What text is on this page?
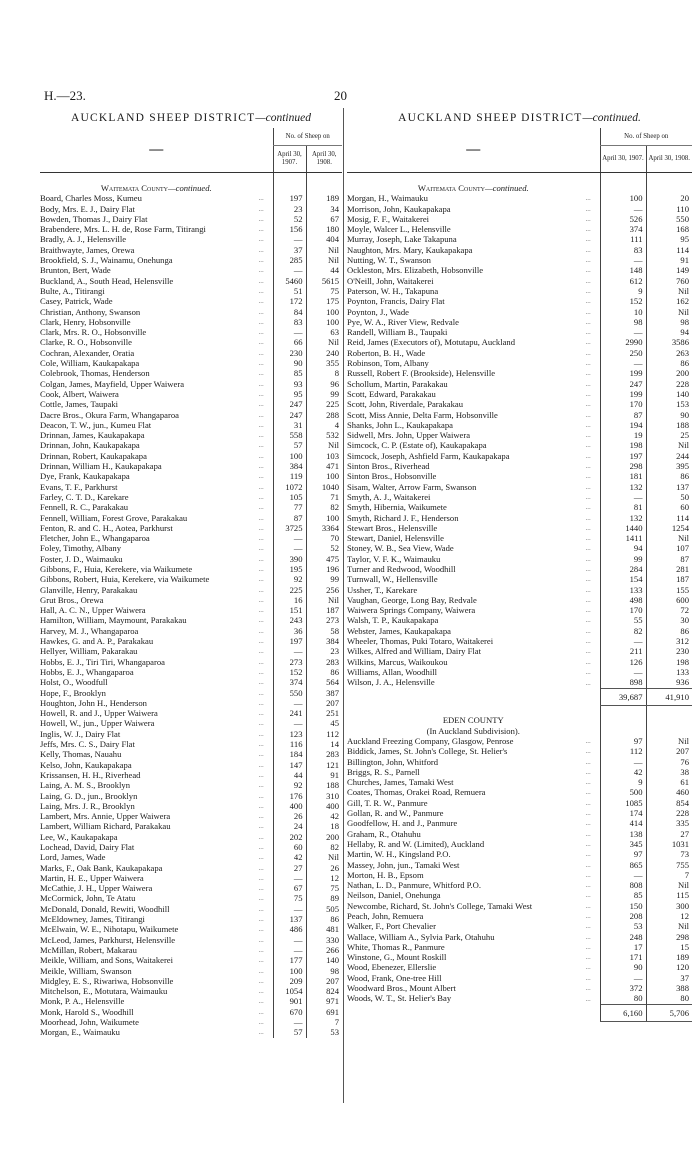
H.—23.	20
AUCKLAND SHEEP DISTRICT—continued
—	No. of Sheep on	
	April 30, 1907.	April 30, 1908.
Waitemata County—continued.		
Board, Charles Moss, Kumeu ...	197	189
Body, Mrs. E. J., Dairy Flat ...	23	34
Bowden, Thomas J., Dairy Flat ...	52	67
Brabendere, Mrs. L. H. de, Rose Farm, Titirangi ...	156	180
Bradly, A. J., Helensville ...	—	404
Braithwayte, James, Orewa ...	37	Nil
Brookfield, S. J., Wainamu, Onehunga ...	285	Nil
Brunton, Bert, Wade ...	—	44
Buckland, A., South Head, Helensville ...	5460	5615
Bulte, A., Titirangi ...	51	75
Casey, Patrick, Wade ...	172	175
Christian, Anthony, Swanson ...	84	100
Clark, Henry, Hobsonville ...	83	100
Clark, Mrs. R. O., Hobsonville ...	—	63
Clarke, R. O., Hobsonville ...	66	Nil
Cochran, Alexander, Oratia ...	230	240
Cole, William, Kaukapakapa ...	90	355
Colebrook, Thomas, Henderson ...	85	8
Colgan, James, Mayfield, Upper Waiwera ...	93	96
Cook, Albert, Waiwera ...	95	99
Cottle, James, Taupaki ...	247	225
Dacre Bros., Okura Farm, Whangaparoa ...	247	288
Deacon, T. W., jun., Kumeu Flat ...	31	4
Drinnan, James, Kaukapakapa ...	558	532
Drinnan, John, Kaukapakapa ...	57	Nil
Drinnan, Robert, Kaukapakapa ...	100	103
Drinnan, William H., Kaukapakapa ...	384	471
Dye, Frank, Kaukapakapa ...	119	100
Evans, T. F., Parkhurst ...	1072	1040
Farley, C. T. D., Karekare ...	105	71
Fennell, R. C., Parakakau ...	77	82
Fennell, William, Forest Grove, Parakakau ...	87	100
Fenton, R. and C. H., Aotea, Parkhurst ...	3725	3364
Fletcher, John E., Whangaparoa ...	—	70
Foley, Timothy, Albany ...	—	52
Foster, J. D., Waimauku ...	390	475
Gibbons, F., Huia, Kerekere, via Waikumete ...	195	196
Gibbons, Robert, Huia, Kerekere, via Waikumete ...	92	99
Glanville, Henry, Parakakau ...	225	256
Grut Bros., Orewa ...	16	Nil
Hall, A. C. N., Upper Waiwera ...	151	187
Hamilton, William, Maymount, Parakakau ...	243	273
Harvey, M. J., Whangaparoa ...	36	58
Hawkes, G. and A. P., Parakakau ...	197	384
Hellyer, William, Pakarakau ...	—	23
Hobbs, E. J., Tiri Tiri, Whangaparoa ...	273	283
Hobbs, E. J., Whangaparoa ...	152	86
Holst, O., Woodfull ...	374	564
Hope, F., Brooklyn ...	550	387
Houghton, John H., Henderson ...	—	207
Howell, R. and J., Upper Waiwera ...	241	251
Howell, W., jun., Upper Waiwera ...	—	45
Inglis, W. J., Dairy Flat ...	123	112
Jeffs, Mrs. C. S., Dairy Flat ...	116	14
Kelly, Thomas, Nauahu ...	184	283
Kelso, John, Kaukapakapa ...	147	121
Krissansen, H. H., Riverhead ...	44	91
Laing, A. M. S., Brooklyn ...	92	188
Laing, G. D., jun., Brooklyn ...	176	310
Laing, Mrs. J. R., Brooklyn ...	400	400
Lambert, Mrs. Annie, Upper Waiwera ...	26	42
Lambert, William Richard, Parakakau ...	24	18
Lee, W., Kaukapakapa ...	202	200
Lochead, David, Dairy Flat ...	60	82
Lord, James, Wade ...	42	Nil
Marks, F., Oak Bank, Kaukapakapa ...	27	26
Martin, H. E., Upper Waiwera ...	—	12
McCathie, J. H., Upper Waiwera ...	67	75
McCormick, John, Te Atatu ...	75	89
McDonald, Donald, Rewiti, Woodhill ...	—	505
McEldowney, James, Titirangi ...	137	86
McElwain, W. E., Nihotapu, Waikumete ...	486	481
McLeod, James, Parkhurst, Helensville ...	—	330
McMillan, Robert, Makarau ...	—	266
Meikle, William, and Sons, Waitakerei ...	177	140
Meikle, William, Swanson ...	100	98
Midgley, E. S., Riwariwa, Hobsonville ...	209	207
Mitchelson, E., Motutara, Waimauku ...	1054	824
Monk, P. A., Helensville ...	901	971
Monk, Harold S., Woodhill ...	670	691
Moorhead, John, Waikumete ...	—	7
Morgan, E., Waimauku ...	57	53
AUCKLAND SHEEP DISTRICT—continued.
—	No. of Sheep on	
	April 30, 1907.	April 30, 1908.
Waitemata County—continued.		
Morgan, H., Waimauku ...	100	20
Morrison, John, Kaukapakapa ...	—	110
Mosig, F. F., Waitakerei ...	526	550
Moyle, Walcer L., Helensville ...	374	168
Murray, Joseph, Lake Takapuna ...	111	95
Naughton, Mrs. Mary, Kaukapakapa ...	83	114
Nutting, W. T., Swanson ...	—	91
Ockleston, Mrs. Elizabeth, Hobsonville ...	148	149
O'Neill, John, Waitakerei ...	612	760
Paterson, W. H., Takapuna ...	9	Nil
Poynton, Francis, Dairy Flat ...	152	162
Poynton, J., Wade ...	10	Nil
Pye, W. A., River View, Redvale ...	98	98
Randell, William B., Taupaki ...	—	94
Reid, James (Executors of), Motutapu, Auckland ...	2990	3586
Roberton, B. H., Wade ...	250	263
Robinson, Tom, Albany ...	—	86
Russell, Robert F. (Brookside), Helensville ...	199	200
Schollum, Martin, Parakakau ...	247	228
Scott, Edward, Parakakau ...	199	140
Scott, John, Riverdale, Parakakau ...	170	153
Scott, Miss Annie, Delta Farm, Hobsonville ...	87	90
Shanks, John L., Kaukapakapa ...	194	188
Sidwell, Mrs. John, Upper Waiwera ...	19	25
Simcock, C. P. (Estate of), Kaukapakapa ...	198	Nil
Simcock, Joseph, Ashfield Farm, Kaukapakapa ...	197	244
Sinton Bros., Riverhead ...	298	395
Sinton Bros., Hobsonville ...	181	86
Sisam, Walter, Arrow Farm, Swanson ...	132	137
Smyth, A. J., Waitakerei ...	—	50
Smyth, Hibernia, Waikumete ...	81	60
Smyth, Richard J. F., Henderson ...	132	114
Stewart Bros., Helensville ...	1440	1254
Stewart, Daniel, Helensville ...	1411	Nil
Stoney, W. B., Sea View, Wade ...	94	107
Taylor, V. F. K., Waimauku ...	99	87
Turner and Redwood, Woodhill ...	284	281
Turnwall, W., Hellensville ...	154	187
Ussher, T., Karekare ...	133	155
Vaughan, George, Long Bay, Redvale ...	498	600
Waiwera Springs Company, Waiwera ...	170	72
Walsh, T. P., Kaukapakapa ...	55	30
Webster, James, Kaukapakapa ...	82	86
Wheeler, Thomas, Puki Totaro, Waitakerei ...	—	312
Wilkes, Alfred and William, Dairy Flat ...	211	230
Wilkins, Marcus, Waikoukou ...	126	198
Williams, Allan, Woodhill ...	—	133
Wilson, J. A., Helensville ...	898	936
	39,687	41,910
EDEN COUNTY		
(In Auckland Subdivision).		
Auckland Freezing Company, Glasgow, Penrose ...	97	Nil
Biddick, James, St. John's College, St. Helier's ...	112	207
Billington, John, Whitford ...	—	76
Briggs, R. S., Parnell ...	42	38
Churches, James, Tamaki West ...	9	61
Coates, Thomas, Orakei Road, Remuera ...	500	460
Gill, T. R. W., Panmure ...	1085	854
Gollan, R. and W., Panmure ...	174	228
Goodfellow, H. and J., Panmure ...	414	335
Graham, R., Otahuhu ...	138	27
Hellaby, R. and W. (Limited), Auckland ...	345	1031
Martin, W. H., Kingsland P.O. ...	97	73
Massey, John, jun., Tamaki West ...	865	755
Morton, H. B., Epsom ...	—	7
Nathan, L. D., Panmure, Whitford P.O. ...	808	Nil
Neilson, Daniel, Onehunga ...	85	115
Newcombe, Richard, St. John's College, Tamaki West ...	150	300
Peach, John, Remuera ...	208	12
Walker, F., Port Chevalier ...	53	Nil
Wallace, William A., Sylvia Park, Otahuhu ...	248	298
White, Thomas R., Panmure ...	17	15
Winstone, G., Mount Roskill ...	171	189
Wood, Ebenezer, Ellerslie ...	90	120
Wood, Frank, One-tree Hill ...	—	37
Woodward Bros., Mount Albert ...	372	388
Woods, W. T., St. Helier's Bay ...	80	80
	6,160	5,706
